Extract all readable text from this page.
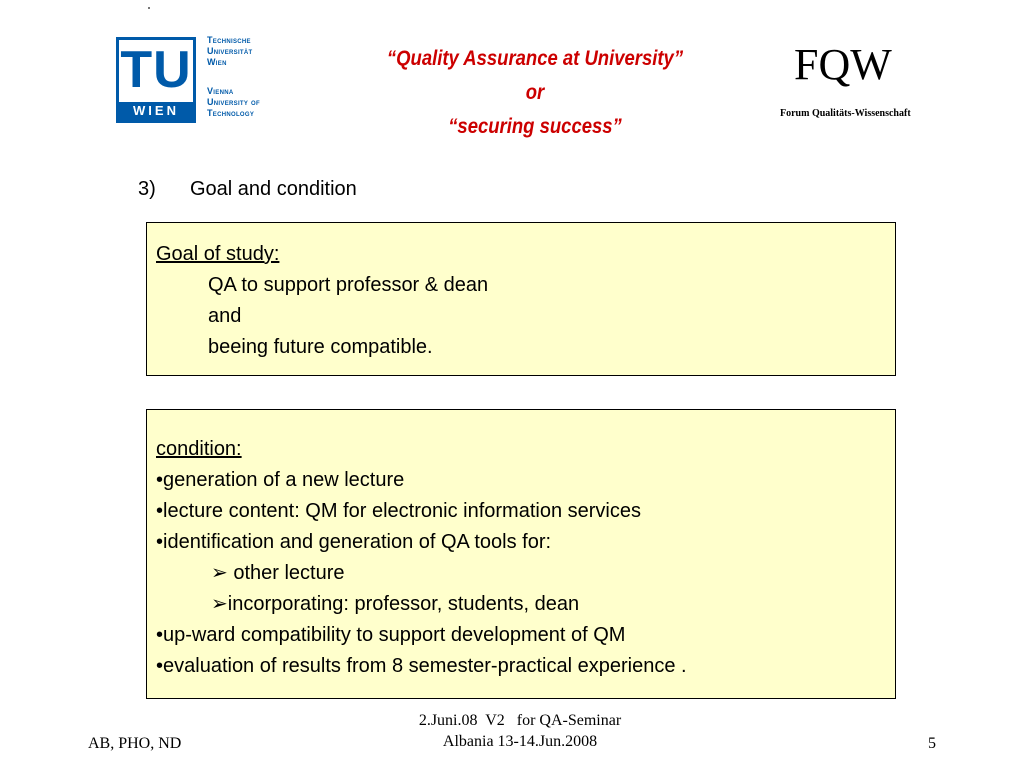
TU
WIEN
Technische
Universität
Wien
Vienna
University of
Technology
“Quality Assurance at University”
or
“securing success”
FQW
Forum Qualitäts-Wissenschaft
3) Goal and condition
Goal of study:
QA to support professor & dean
and
beeing future compatible.
condition:
•generation of a new lecture
•lecture content: QM for electronic information services
•identification and generation of QA tools for:
➢ other lecture
➢incorporating: professor, students, dean
•up-ward compatibility to support development of QM
•evaluation of results from 8 semester-practical experience .
AB, PHO, ND
2.Juni.08  V2   for QA-Seminar
Albania 13-14.Jun.2008	5
